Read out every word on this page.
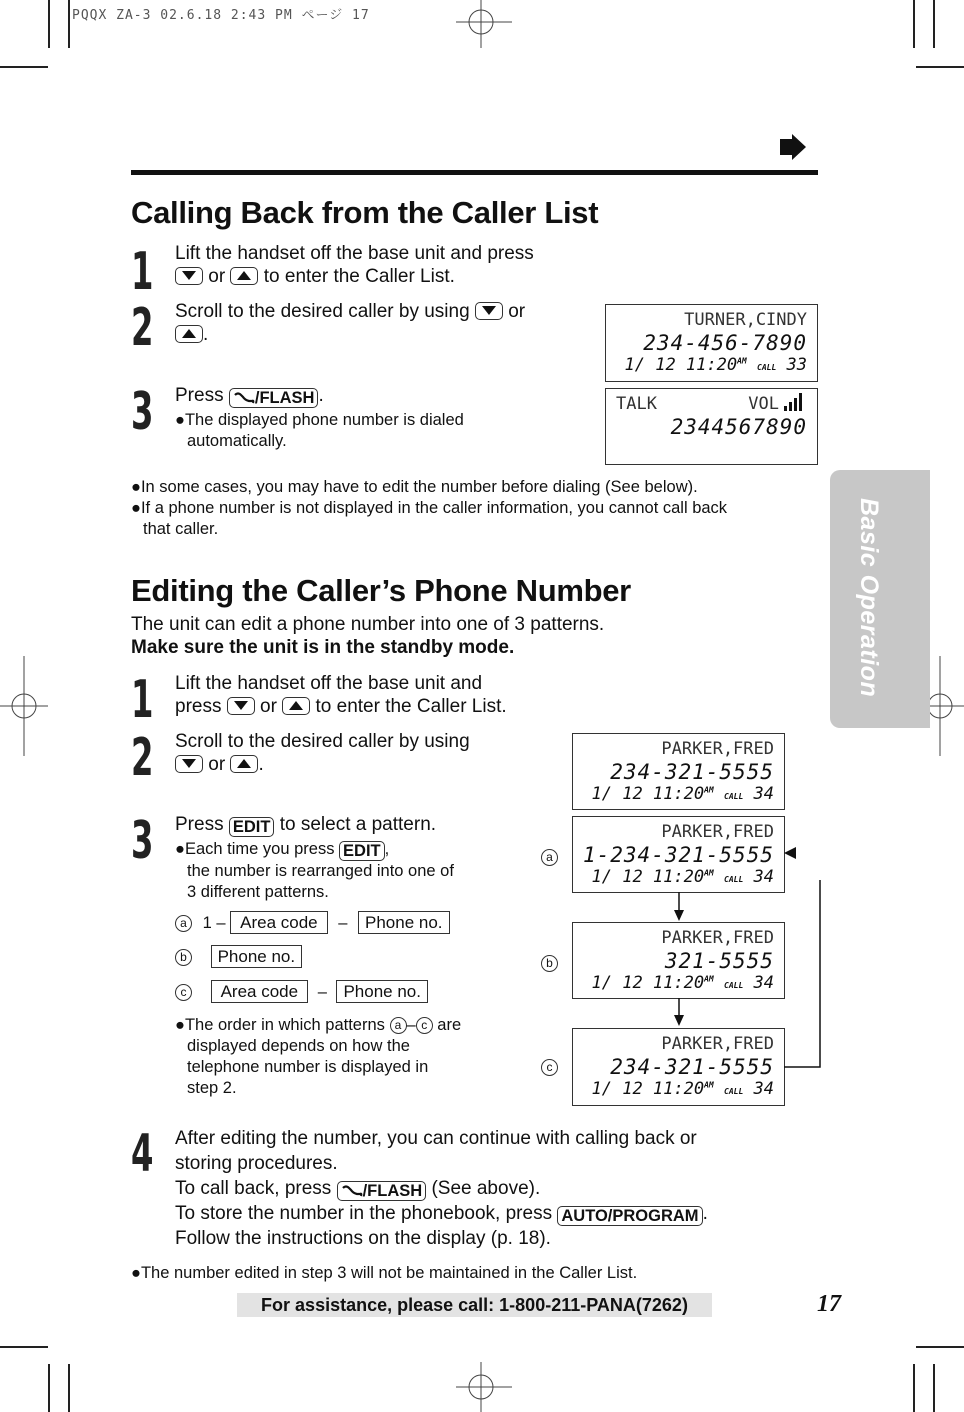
PQQX ZA-3 02.6.18 2:43 PM ページ 17
Calling Back from the Caller List
1 Lift the handset off the base unit and press

or to enter the Caller List.
2 Scroll to the desired caller by using or

.
3 Press /FLASH .
●The displayed phone number is dialed
automatically.
TURNER,CINDY
234-456-7890
1/ 12 $11:20^{AM}$ CALL 33
TALK	VOL
2344567890
●In some cases, you may have to edit the number before dialing (See below).
●If a phone number is not displayed in the caller information, you cannot call back
that caller.	Basic Operation
Editing the Caller’s Phone Number
The unit can edit a phone number into one of 3 patterns.
Make sure the unit is in the standby mode.
1 Lift the handset off the base unit and
press or to enter the Caller List.
2 Scroll to the desired caller by using

or .
3 Press EDIT to select a pattern.
●Each time you press EDIT ,
the number is rearranged into one of
3 different patterns.
a 1 – Area code – Phone no.
b Phone no.
c Area code – Phone no.
●The order in which patterns a – c are
displayed depends on how the
telephone number is displayed in
step 2.
PARKER,FRED
234-321-5555
1/ 12 $11:20^{AM}$ CALL 34
a
PARKER,FRED
1-234-321-5555
1/ 12 $11:20^{AM}$ CALL 34
b
PARKER,FRED
321-5555
1/ 12 $11:20^{AM}$ CALL 34
c
PARKER,FRED
234-321-5555
1/ 12 $11:20^{AM}$ CALL 34
4 After editing the number, you can continue with calling back or
storing procedures.
To call back, press /FLASH (See above).
To store the number in the phonebook, press AUTO/PROGRAM .
Follow the instructions on the display (p. 18).
●The number edited in step 3 will not be maintained in the Caller List.
For assistance, please call: 1-800-211-PANA(7262)	17
